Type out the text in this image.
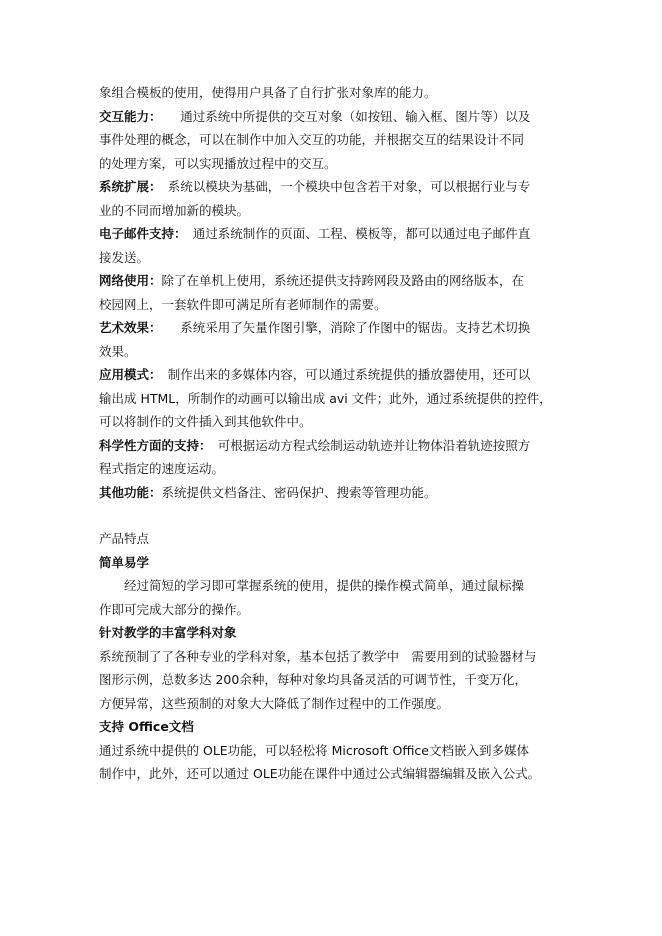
象组合模板的使用，使得用户具备了自行扩张对象库的能力。

交互能力：　　通过系统中所提供的交互对象（如按钮、输入框、图片等）以及

事件处理的概念，可以在制作中加入交互的功能，并根据交互的结果设计不同

的处理方案，可以实现播放过程中的交互。

系统扩展：　系统以模块为基础，一个模块中包含若干对象，可以根据行业与专

业的不同而增加新的模块。

电子邮件支持：　通过系统制作的页面、工程、模板等，都可以通过电子邮件直

接发送。

网络使用：除了在单机上使用，系统还提供支持跨网段及路由的网络版本，在

校园网上，一套软件即可满足所有老师制作的需要。

艺术效果：　　系统采用了矢量作图引擎，消除了作图中的锯齿。支持艺术切换

效果。

应用模式：　制作出来的多媒体内容，可以通过系统提供的播放器使用，还可以

输出成 HTML，所制作的动画可以输出成 avi 文件；此外，通过系统提供的控件，

可以将制作的文件插入到其他软件中。

科学性方面的支持：　可根据运动方程式绘制运动轨迹并让物体沿着轨迹按照方

程式指定的速度运动。

其他功能：系统提供文档备注、密码保护、搜索等管理功能。

产品特点

简单易学

经过简短的学习即可掌握系统的使用，提供的操作模式简单，通过鼠标操

作即可完成大部分的操作。

针对教学的丰富学科对象

系统预制了了各种专业的学科对象，基本包括了教学中　需要用到的试验器材与

图形示例，总数多达 200余种，每种对象均具备灵活的可调节性，千变万化，

方便异常，这些预制的对象大大降低了制作过程中的工作强度。

支持 Office文档

通过系统中提供的 OLE功能，可以轻松将 Microsoft Office文档嵌入到多媒体

制作中，此外，还可以通过 OLE功能在课件中通过公式编辑器编辑及嵌入公式。
